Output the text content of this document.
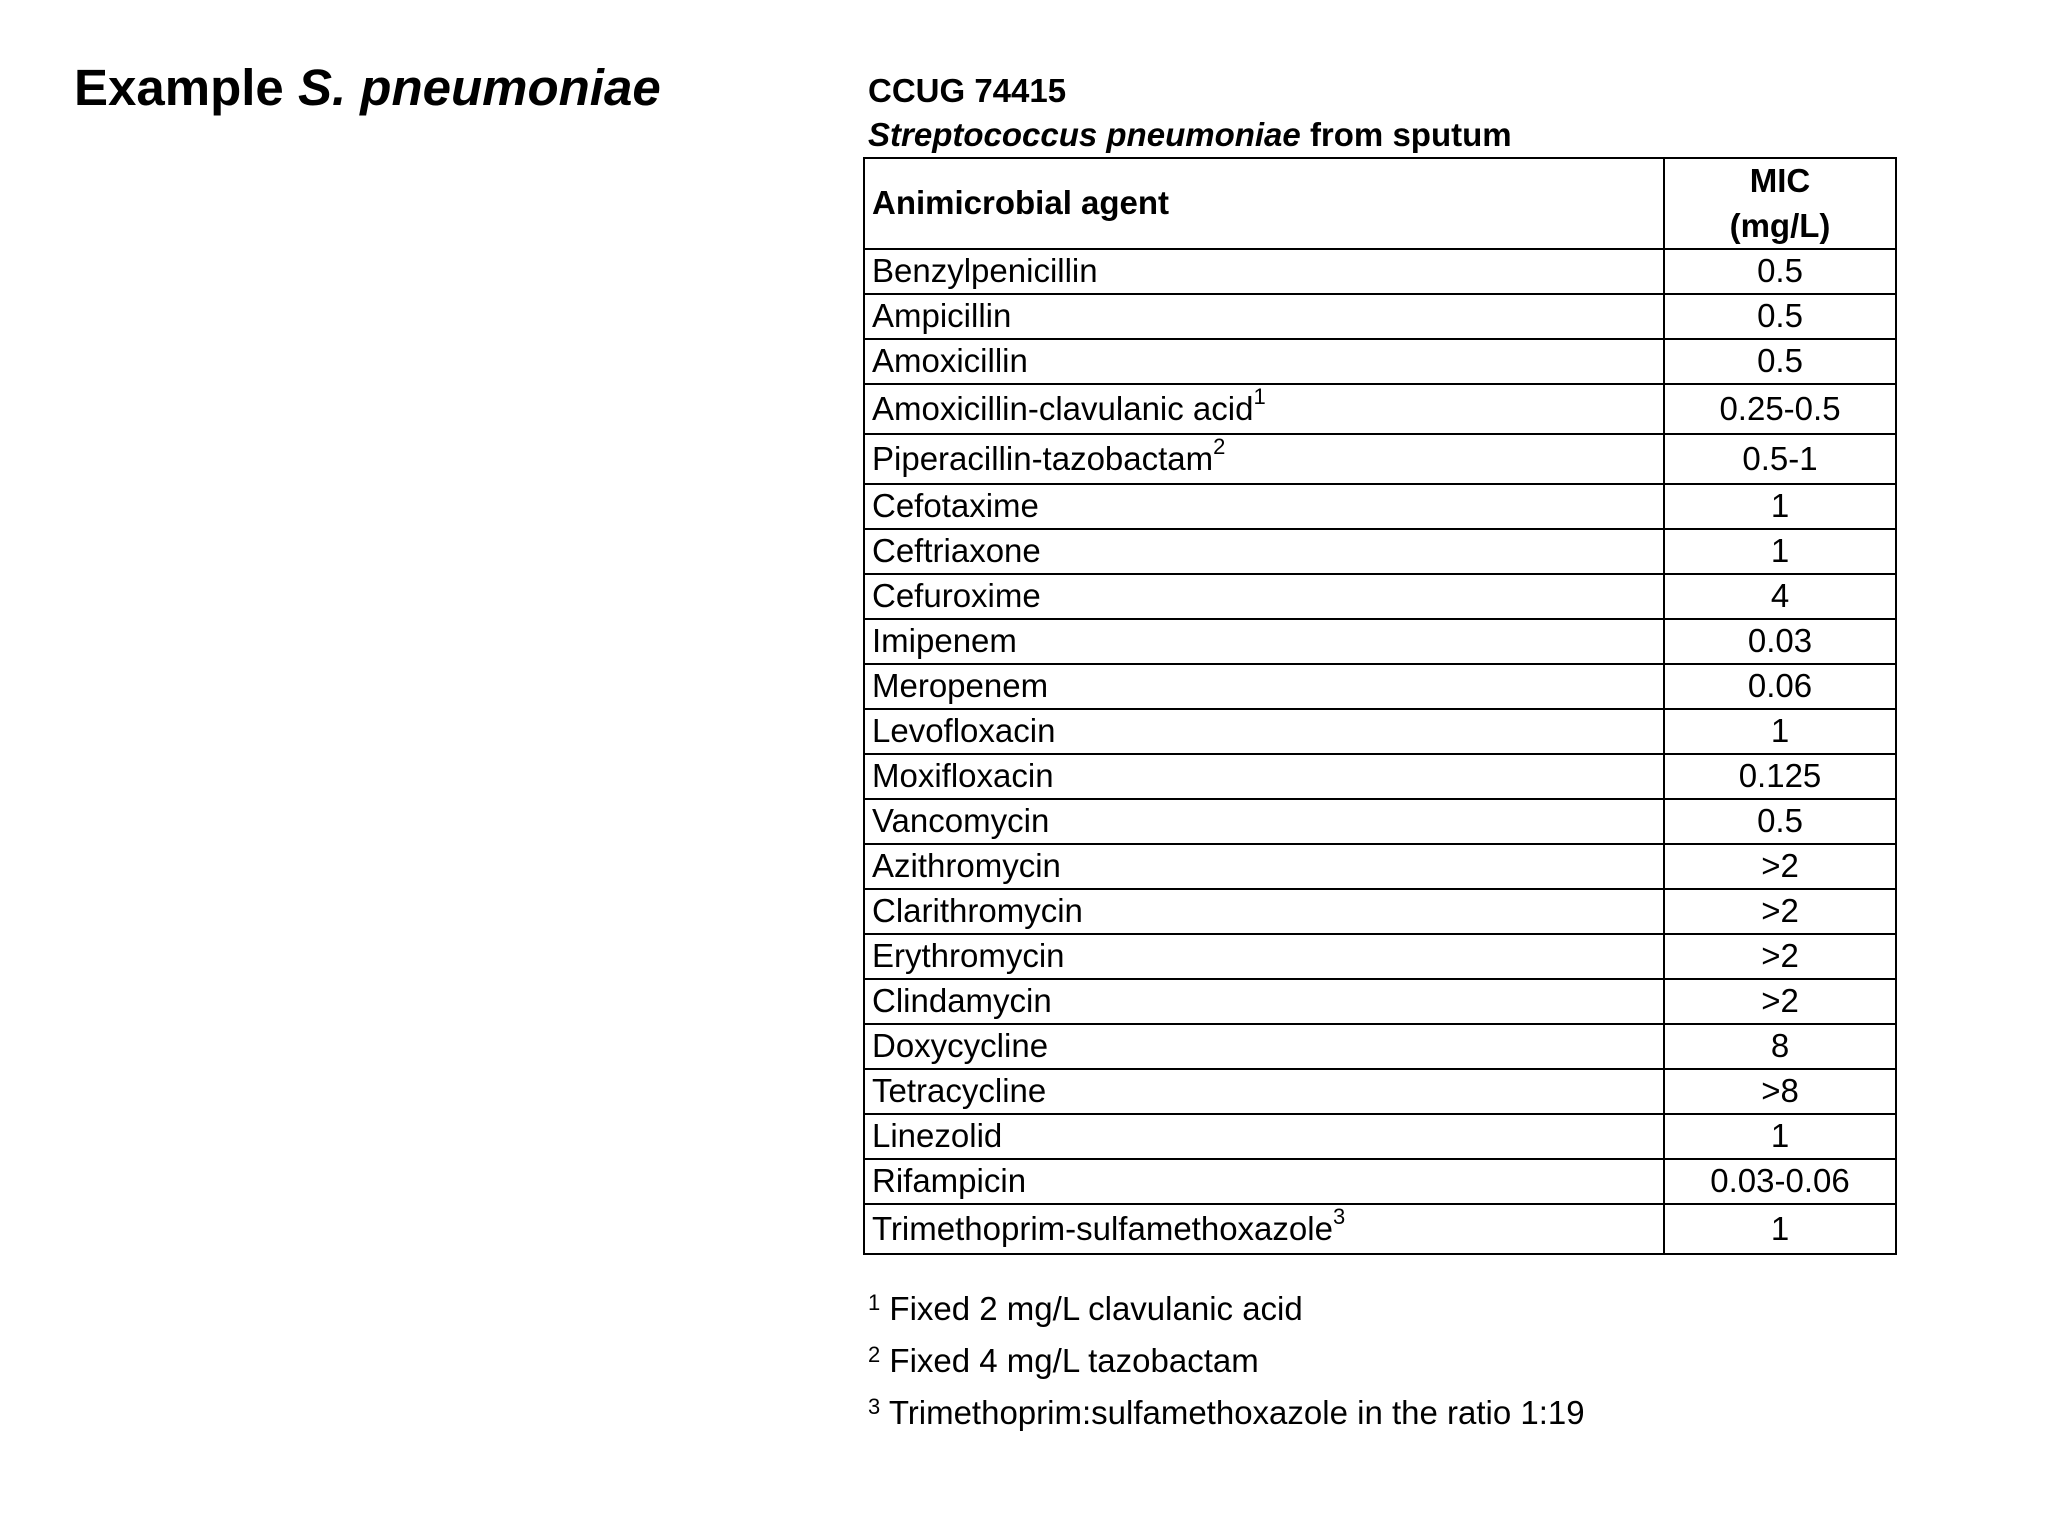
Example S. pneumoniae	CCUG 74415
Streptococcus pneumoniae from sputum
Animicrobial agent	MIC
(mg/L)
Benzylpenicillin	0.5
Ampicillin	0.5
Amoxicillin	0.5
Amoxicillin-clavulanic acid$^1$	0.25-0.5
Piperacillin-tazobactam$^2$	0.5-1
Cefotaxime	1
Ceftriaxone	1
Cefuroxime	4
Imipenem	0.03
Meropenem	0.06
Levofloxacin	1
Moxifloxacin	0.125
Vancomycin	0.5
Azithromycin	>2
Clarithromycin	>2
Erythromycin	>2
Clindamycin	>2
Doxycycline	8
Tetracycline	>8
Linezolid	1
Rifampicin	0.03-0.06
Trimethoprim-sulfamethoxazole$^3$	1
$^1$ Fixed 2 mg/L clavulanic acid
$^2$ Fixed 4 mg/L tazobactam
$^3$ Trimethoprim:sulfamethoxazole in the ratio 1:19
